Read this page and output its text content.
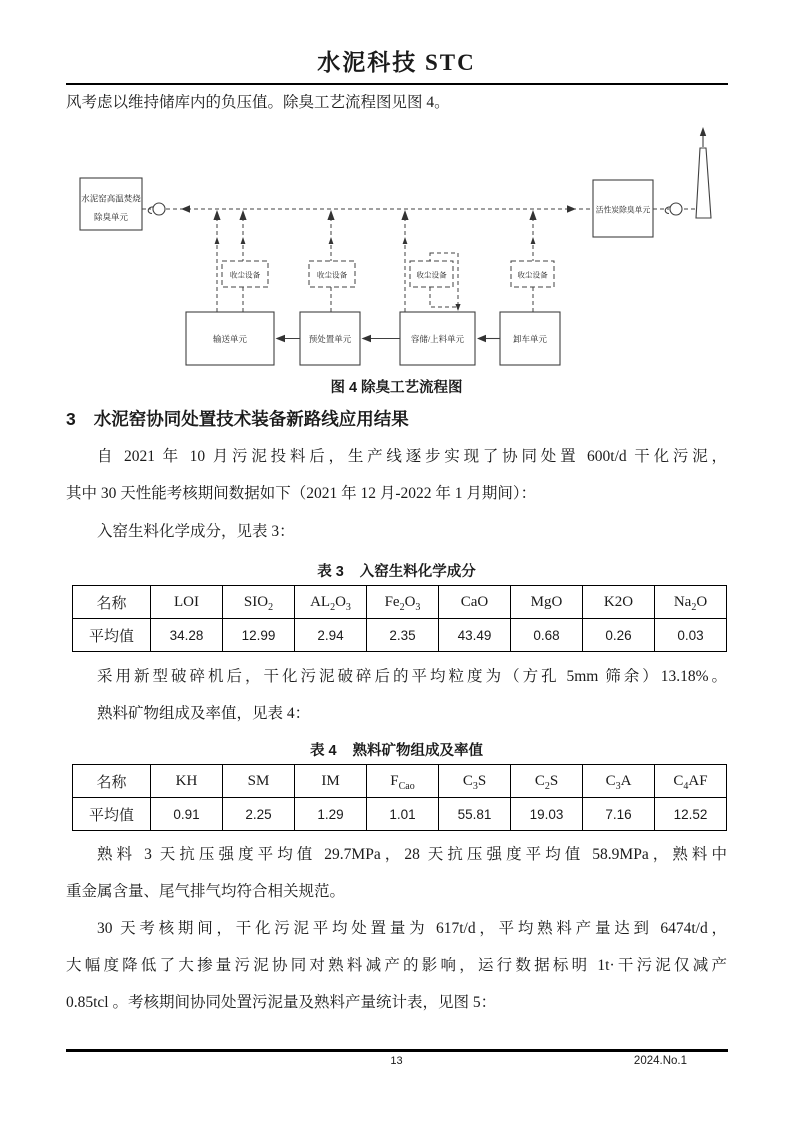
水泥科技 STC
风考虑以维持储库内的负压值。除臭工艺流程图见图 4。
水泥窑高温焚烧
除臭单元
活性炭除臭单元
收尘设备	收尘设备	收尘设备	收尘设备
输送单元	预处置单元	容储/上料单元	卸车单元
图 4 除臭工艺流程图
3 水泥窑协同处置技术装备新路线应用结果
自 2021 年 10 月污泥投料后，生产线逐步实现了协同处置 600t/d 干化污泥，
其中 30 天性能考核期间数据如下（2021 年 12 月-2022 年 1 月期间）：
入窑生料化学成分，见表 3：
表 3 入窑生料化学成分
名称	LOI	$SIO_2$	$AL_2O_3$	$Fe_2O_3$	CaO	MgO	K2O	$Na_2O$
平均值	34.28	12.99	2.94	2.35	43.49	0.68	0.26	0.03
采用新型破碎机后，干化污泥破碎后的平均粒度为（方孔 5mm 筛余）13.18%。
熟料矿物组成及率值，见表 4：
表 4 熟料矿物组成及率值
名称	KH	SM	IM	$F_{Cao}$	$C_3S$	$C_2S$	$C_3A$	$C_4AF$
平均值	0.91	2.25	1.29	1.01	55.81	19.03	7.16	12.52
熟料 3 天抗压强度平均值 29.7MPa，28 天抗压强度平均值 58.9MPa，熟料中
重金属含量、尾气排气均符合相关规范。
30 天考核期间，干化污泥平均处置量为 617t/d，平均熟料产量达到 6474t/d，
大幅度降低了大掺量污泥协同对熟料减产的影响，运行数据标明 1t·干污泥仅减产
0.85tcl 。考核期间协同处置污泥量及熟料产量统计表，见图 5：
13	2024.No.1
